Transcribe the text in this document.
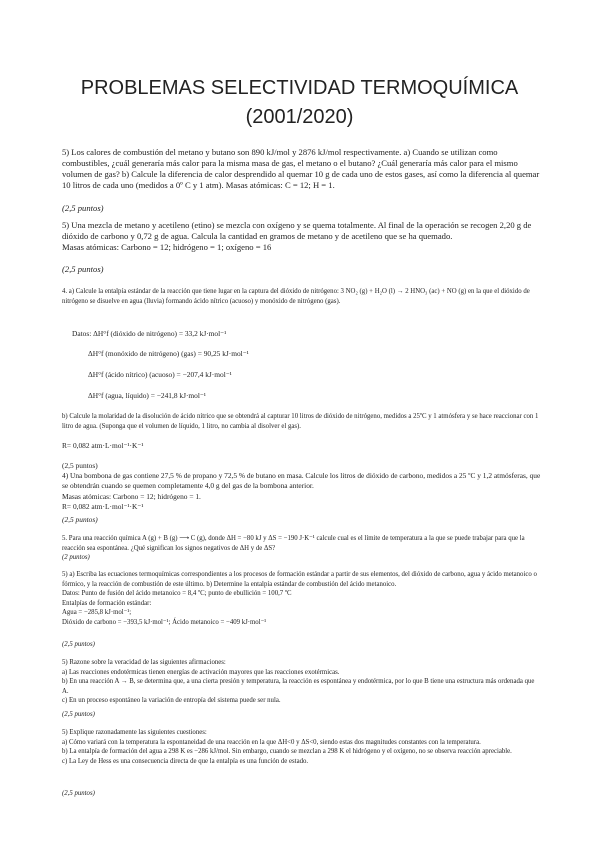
PROBLEMAS SELECTIVIDAD TERMOQUÍMICA
(2001/2020)
5) Los calores de combustión del metano y butano son 890 kJ/mol y 2876 kJ/mol respectivamente. a) Cuando se utilizan como combustibles, ¿cuál generaría más calor para la misma masa de gas, el metano o el butano? ¿Cuál generaría más calor para el mismo volumen de gas? b) Calcule la diferencia de calor desprendido al quemar 10 g de cada uno de estos gases, así como la diferencia al quemar 10 litros de cada uno (medidos a 0º C y 1 atm). Masas atómicas: C = 12; H = 1.
(2,5 puntos)
5) Una mezcla de metano y acetileno (etino) se mezcla con oxígeno y se quema totalmente. Al final de la operación se recogen 2,20 g de dióxido de carbono y 0,72 g de agua. Calcula la cantidad en gramos de metano y de acetileno que se ha quemado.
Masas atómicas: Carbono = 12; hidrógeno = 1; oxígeno = 16
(2,5 puntos)
4. a) Calcule la entalpía estándar de la reacción que tiene lugar en la captura del dióxido de nitrógeno: 3 NO₂ (g) + H₂O (l) → 2 HNO₃ (ac) + NO (g) en la que el dióxido de nitrógeno se disuelve en agua (lluvia) formando ácido nítrico (acuoso) y monóxido de nitrógeno (gas).
Datos: ΔH°f (dióxido de nitrógeno) = 33,2 kJ·mol⁻¹
ΔH°f (monóxido de nitrógeno) (gas) = 90,25 kJ·mol⁻¹
ΔH°f (ácido nítrico) (acuoso) = −207,4 kJ·mol⁻¹
ΔH°f (agua, líquido) = −241,8 kJ·mol⁻¹
b) Calcule la molaridad de la disolución de ácido nítrico que se obtendrá al capturar 10 litros de dióxido de nitrógeno, medidos a 25ºC y 1 atmósfera y se hace reaccionar con 1 litro de agua. (Suponga que el volumen de líquido, 1 litro, no cambia al disolver el gas).
R= 0,082 atm·L·mol⁻¹·K⁻¹
(2,5 puntos)
4) Una bombona de gas contiene 27,5 % de propano y 72,5 % de butano en masa. Calcule los litros de dióxido de carbono, medidos a 25 ºC y 1,2 atmósferas, que se obtendrán cuando se quemen completamente 4,0 g del gas de la bombona anterior.
Masas atómicas: Carbono = 12; hidrógeno = 1.
R= 0,082 atm·L·mol⁻¹·K⁻¹
(2,5 puntos)
5. Para una reacción química A (g) + B (g) ⟶ C (g), donde ΔH = −80 kJ y ΔS = −190 J·K⁻¹ calcule cual es el límite de temperatura a la que se puede trabajar para que la reacción sea espontánea. ¿Qué significan los signos negativos de ΔH y de ΔS?
(2 puntos)
5) a) Escriba las ecuaciones termoquímicas correspondientes a los procesos de formación estándar a partir de sus elementos, del dióxido de carbono, agua y ácido metanoico o fórmico, y la reacción de combustión de este último. b) Determine la entalpía estándar de combustión del ácido metanoico.
Datos: Punto de fusión del ácido metanoico = 8,4 ºC; punto de ebullición = 100,7 ºC
Entalpías de formación estándar:
Agua = −285,8 kJ·mol⁻¹;
Dióxido de carbono = −393,5 kJ·mol⁻¹; Ácido metanoico = −409 kJ·mol⁻¹
(2,5 puntos)
5) Razone sobre la veracidad de las siguientes afirmaciones:
a) Las reacciones endotérmicas tienen energías de activación mayores que las reacciones exotérmicas.
b) En una reacción A → B, se determina que, a una cierta presión y temperatura, la reacción es espontánea y endotérmica, por lo que B tiene una estructura más ordenada que A.
c) En un proceso espontáneo la variación de entropía del sistema puede ser nula.
(2,5 puntos)
5) Explique razonadamente las siguientes cuestiones:
a) Cómo variará con la temperatura la espontaneidad de una reacción en la que ΔH<0 y ΔS<0, siendo estas dos magnitudes constantes con la temperatura.
b) La entalpía de formación del agua a 298 K es −286 kJ/mol. Sin embargo, cuando se mezclan a 298 K el hidrógeno y el oxígeno, no se observa reacción apreciable.
c) La Ley de Hess es una consecuencia directa de que la entalpía es una función de estado.
(2,5 puntos)
